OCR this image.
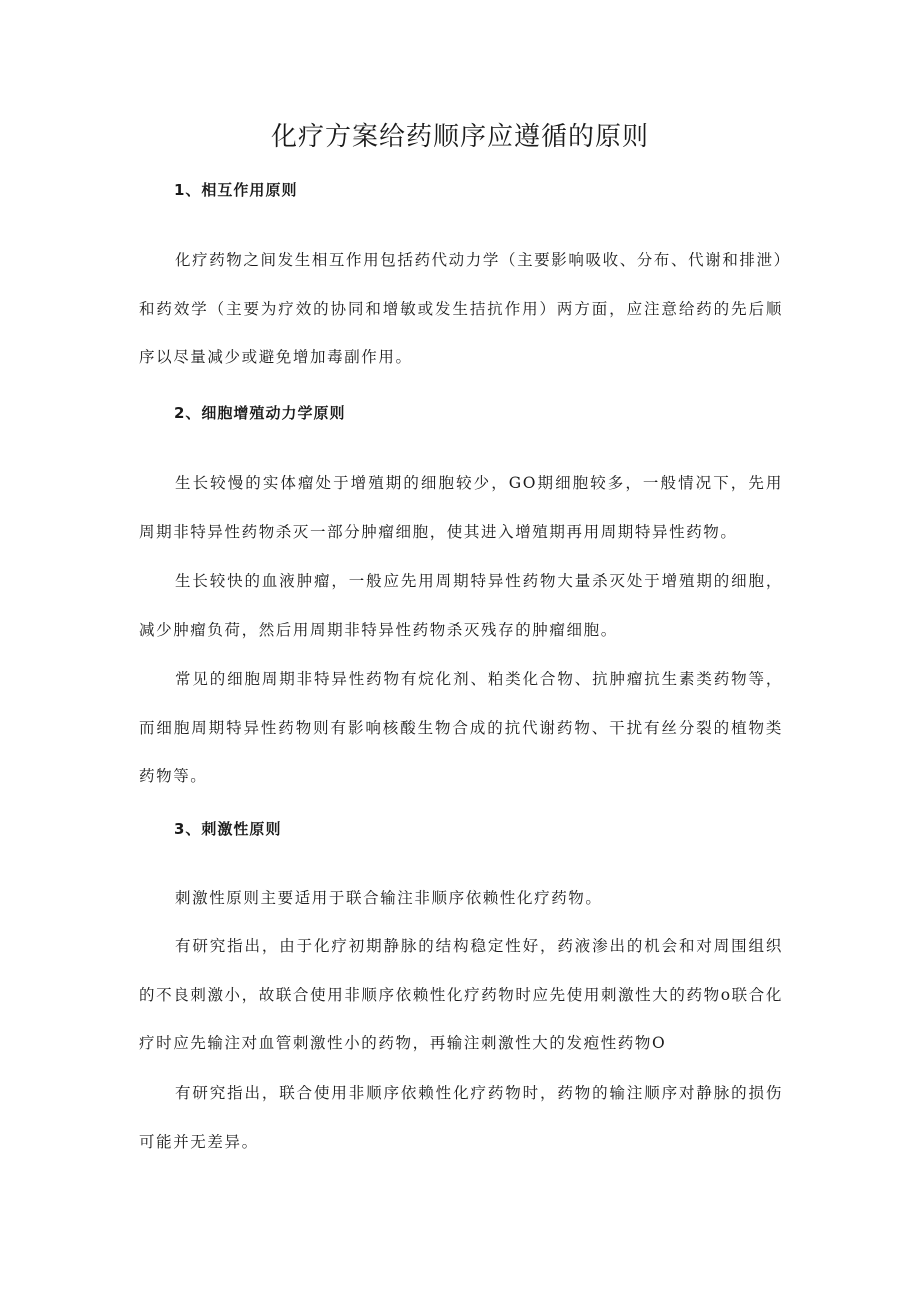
化疗方案给药顺序应遵循的原则
1、相互作用原则

化疗药物之间发生相互作用包括药代动力学（主要影响吸收、分布、代谢和排泄）和药效学（主要为疗效的协同和增敏或发生拮抗作用）两方面，应注意给药的先后顺序以尽量减少或避免增加毒副作用。

2、细胞增殖动力学原则

生长较慢的实体瘤处于增殖期的细胞较少，GO期细胞较多，一般情况下，先用周期非特异性药物杀灭一部分肿瘤细胞，使其进入增殖期再用周期特异性药物。

生长较快的血液肿瘤，一般应先用周期特异性药物大量杀灭处于增殖期的细胞，减少肿瘤负荷，然后用周期非特异性药物杀灭残存的肿瘤细胞。

常见的细胞周期非特异性药物有烷化剂、粕类化合物、抗肿瘤抗生素类药物等，而细胞周期特异性药物则有影响核酸生物合成的抗代谢药物、干扰有丝分裂的植物类药物等。

3、刺激性原则

刺激性原则主要适用于联合输注非顺序依赖性化疗药物。

有研究指出，由于化疗初期静脉的结构稳定性好，药液渗出的机会和对周围组织的不良刺激小，故联合使用非顺序依赖性化疗药物时应先使用刺激性大的药物o联合化疗时应先输注对血管刺激性小的药物，再输注刺激性大的发疱性药物O

有研究指出，联合使用非顺序依赖性化疗药物时，药物的输注顺序对静脉的损伤可能并无差异。
